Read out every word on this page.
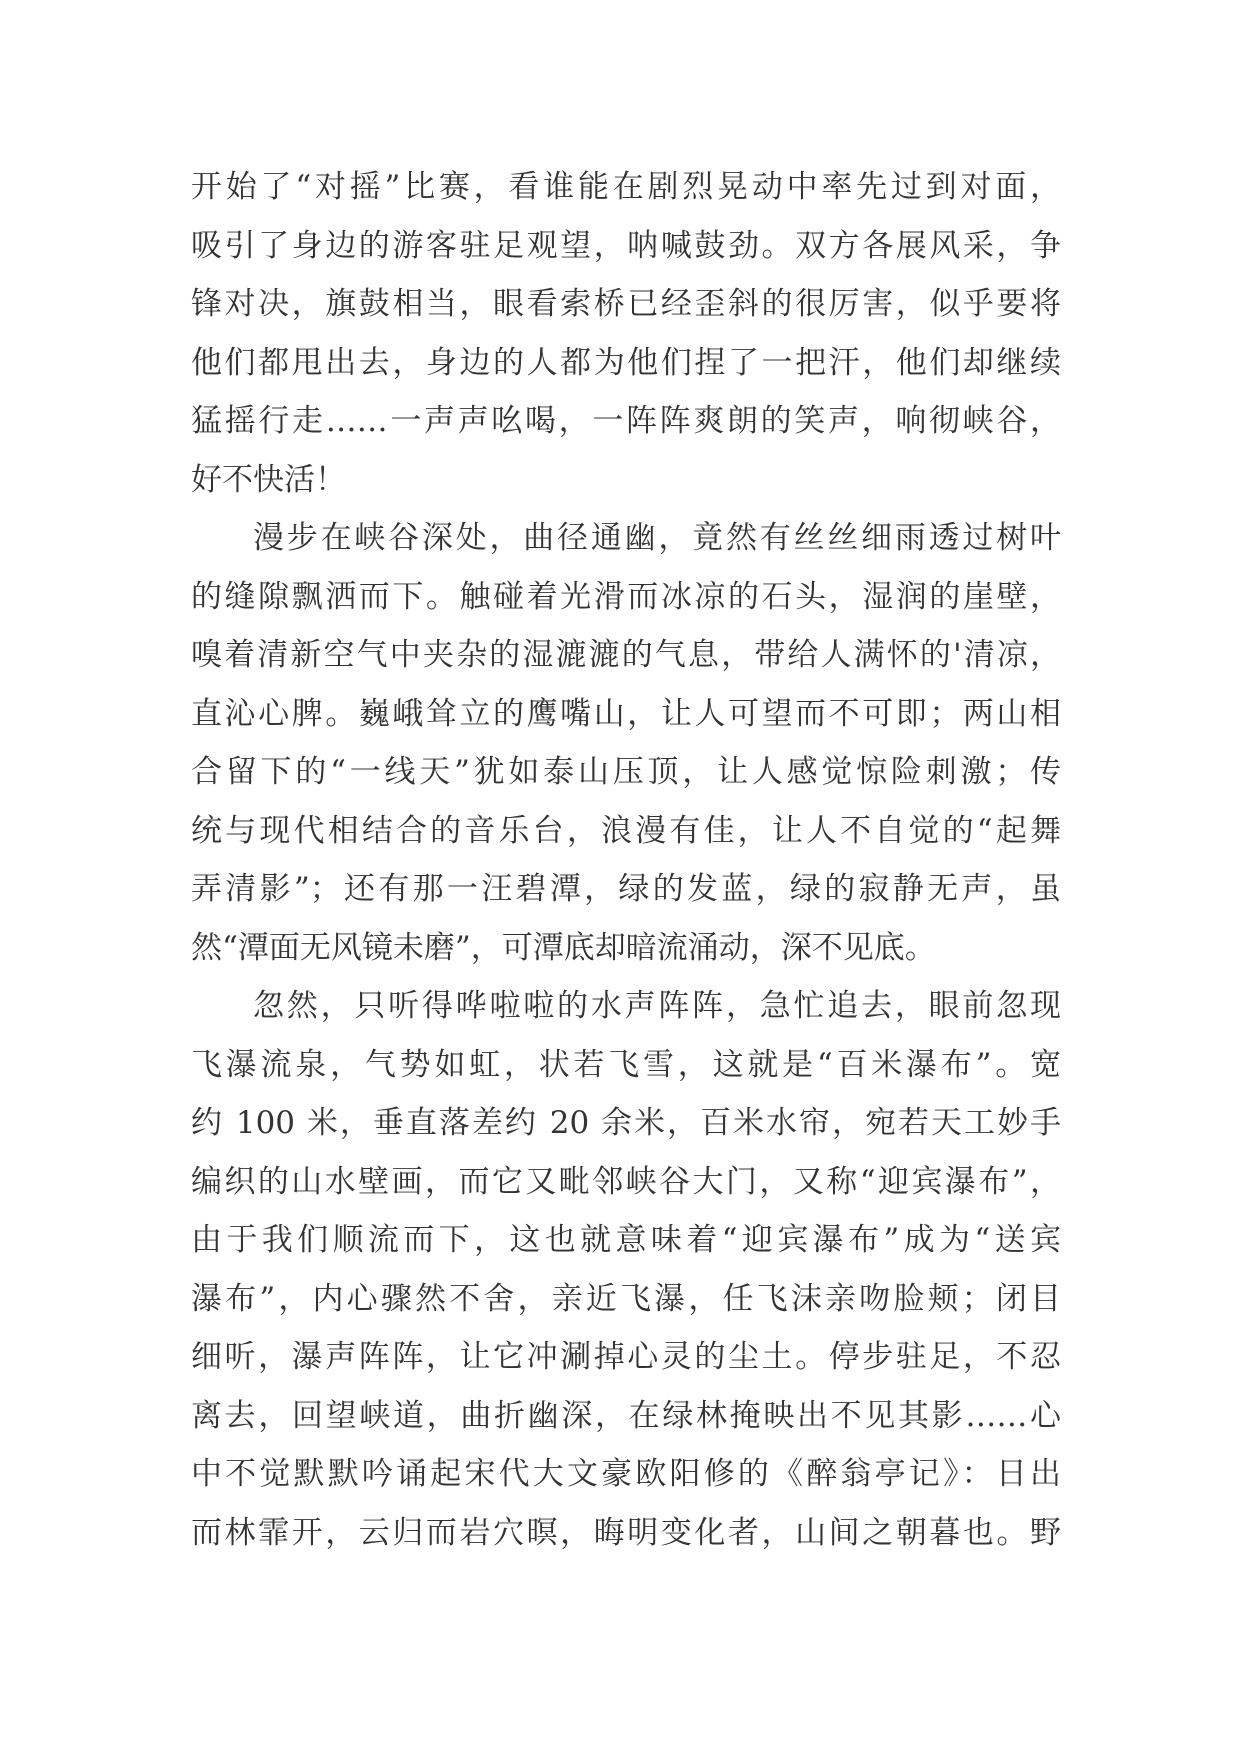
开始了“对摇”比赛，看谁能在剧烈晃动中率先过到对面，
吸引了身边的游客驻足观望，呐喊鼓劲。双方各展风采，争
锋对决，旗鼓相当，眼看索桥已经歪斜的很厉害，似乎要将
他们都甩出去，身边的人都为他们捏了一把汗，他们却继续
猛摇行走……一声声吆喝，一阵阵爽朗的笑声，响彻峡谷，
好不快活！
漫步在峡谷深处，曲径通幽，竟然有丝丝细雨透过树叶
的缝隙飘洒而下。触碰着光滑而冰凉的石头，湿润的崖壁，
嗅着清新空气中夹杂的湿漉漉的气息，带给人满怀的'清凉，
直沁心脾。巍峨耸立的鹰嘴山，让人可望而不可即；两山相
合留下的“一线天”犹如泰山压顶，让人感觉惊险刺激；传
统与现代相结合的音乐台，浪漫有佳，让人不自觉的“起舞
弄清影”；还有那一汪碧潭，绿的发蓝，绿的寂静无声，虽
然“潭面无风镜未磨”，可潭底却暗流涌动，深不见底。
忽然，只听得哗啦啦的水声阵阵，急忙追去，眼前忽现
飞瀑流泉，气势如虹，状若飞雪，这就是“百米瀑布”。宽
约 100 米，垂直落差约 20 余米，百米水帘，宛若天工妙手
编织的山水壁画，而它又毗邻峡谷大门，又称“迎宾瀑布”，
由于我们顺流而下，这也就意味着“迎宾瀑布”成为“送宾
瀑布”，内心骤然不舍，亲近飞瀑，任飞沫亲吻脸颊；闭目
细听，瀑声阵阵，让它冲涮掉心灵的尘土。停步驻足，不忍
离去，回望峡道，曲折幽深，在绿林掩映出不见其影……心
中不觉默默吟诵起宋代大文豪欧阳修的《醉翁亭记》：日出
而林霏开，云归而岩穴暝，晦明变化者，山间之朝暮也。野
